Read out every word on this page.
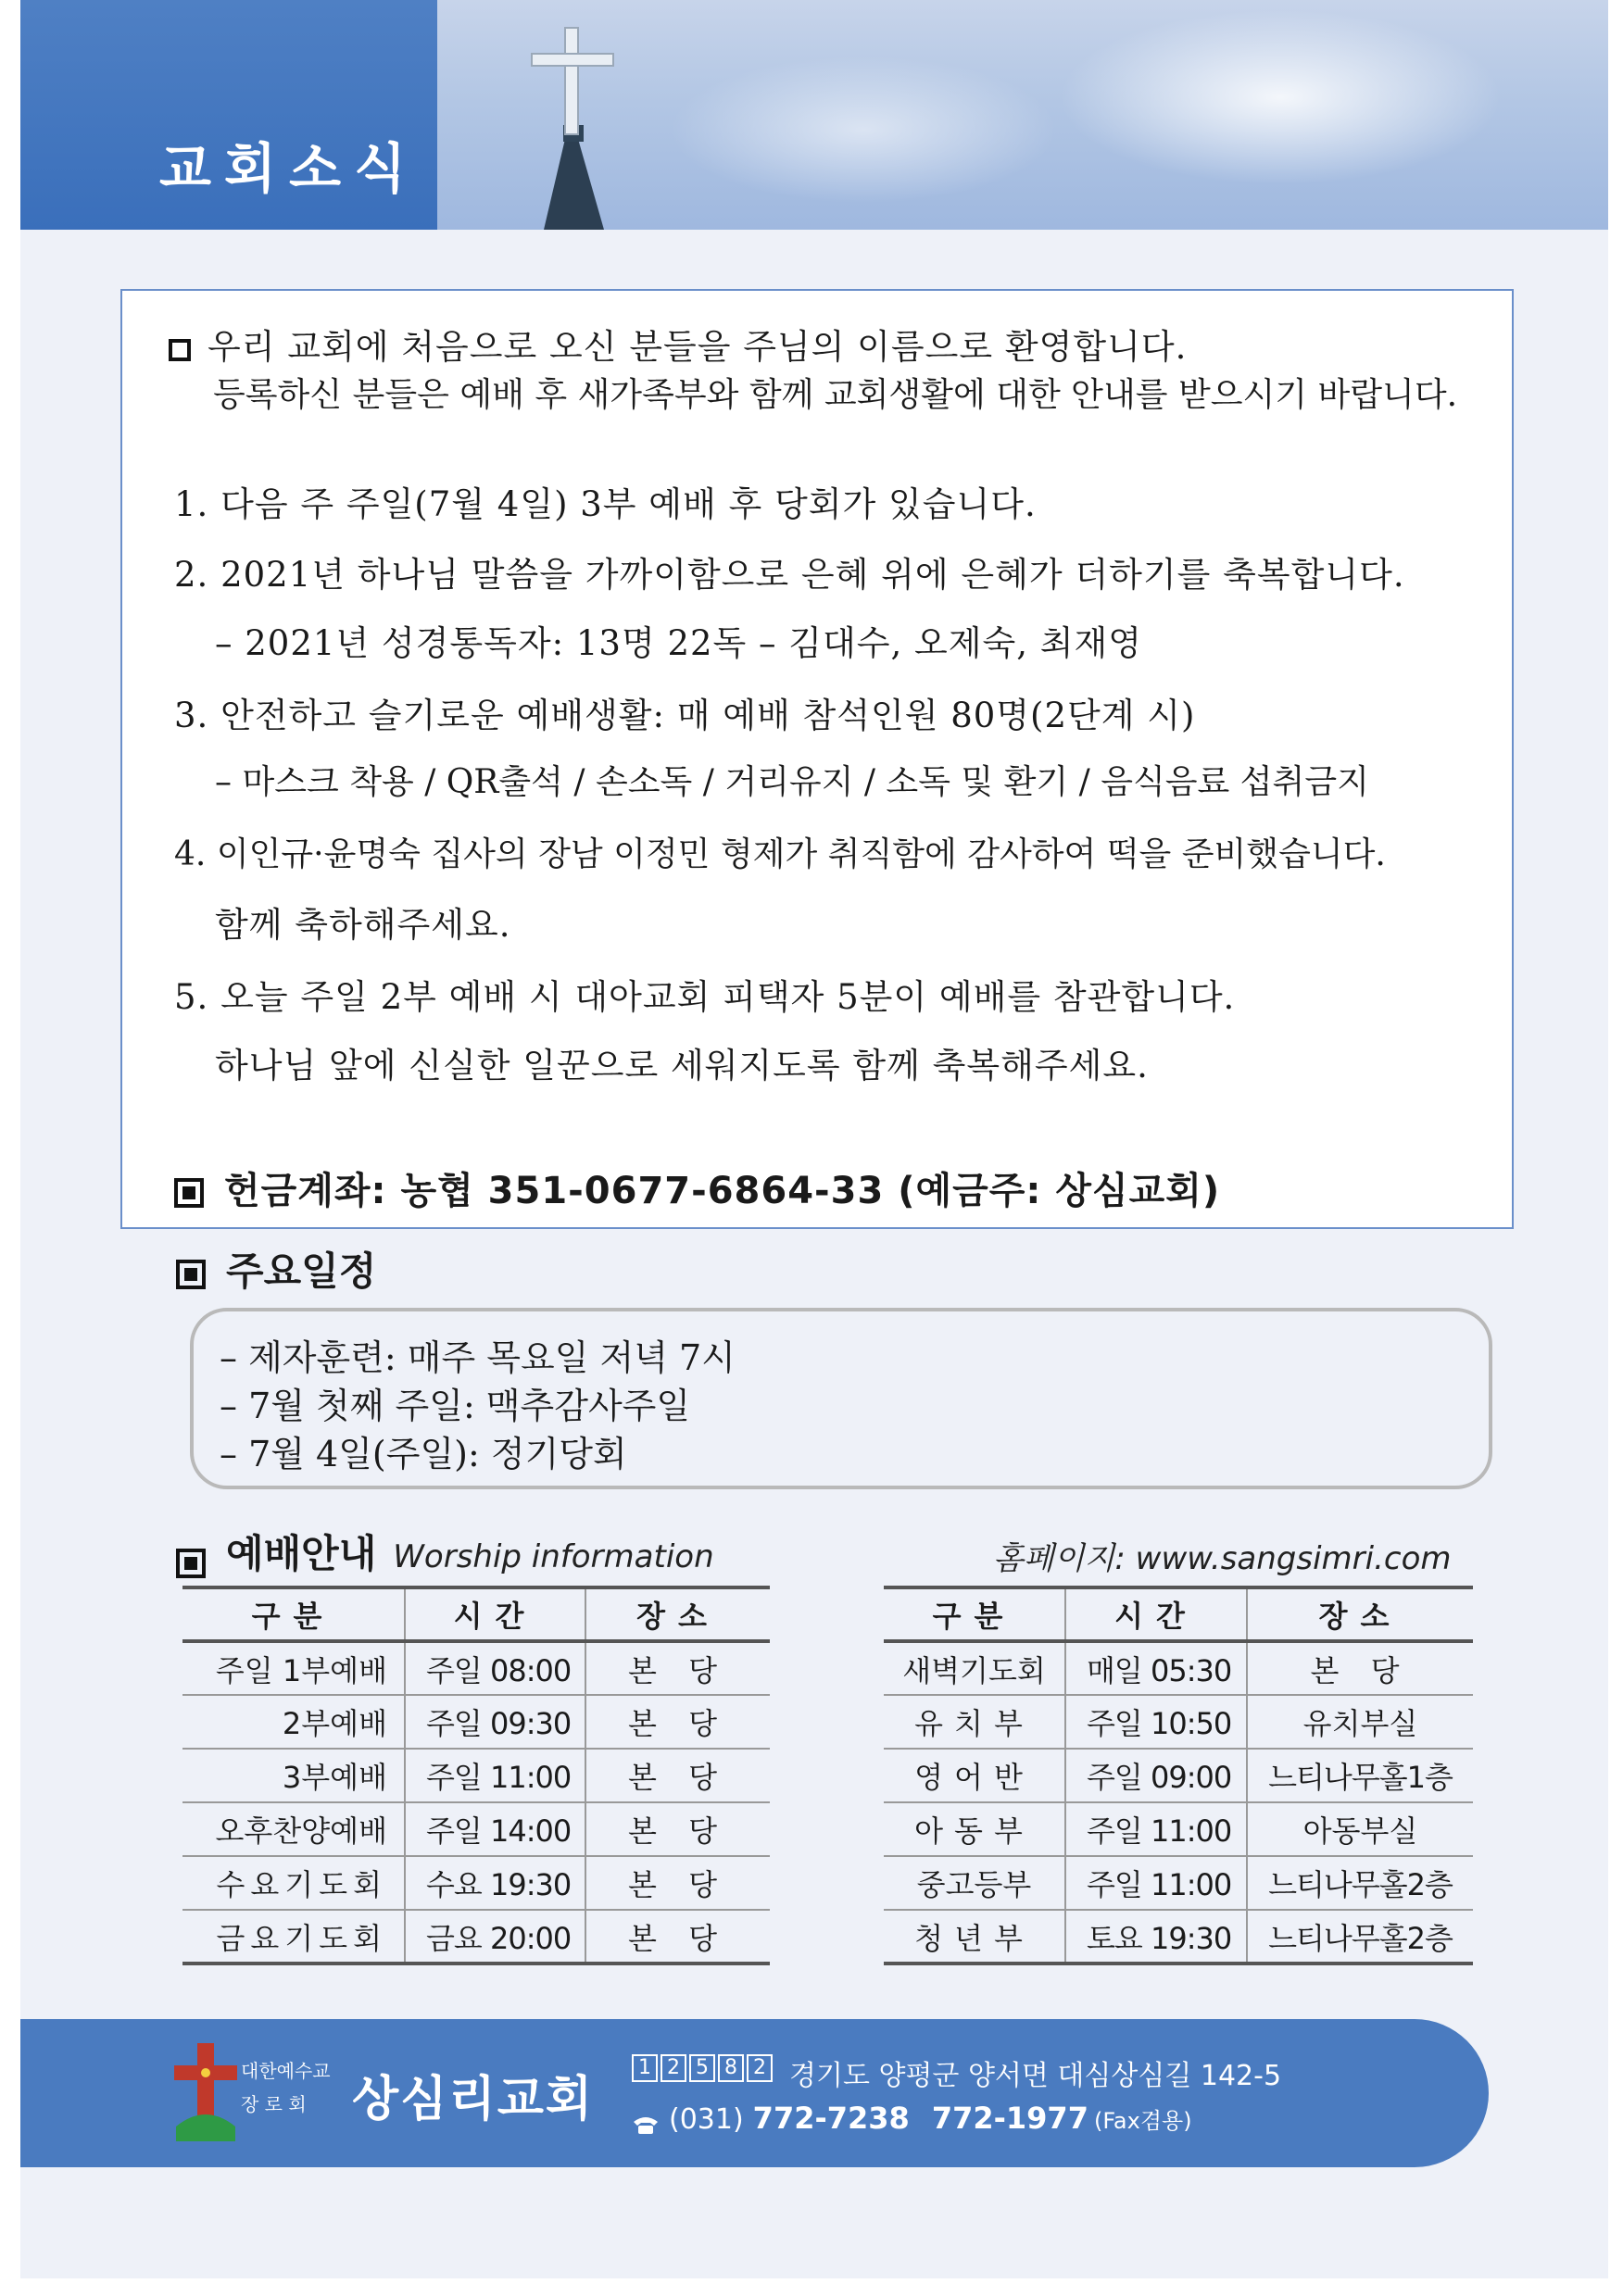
교회소식
우리 교회에 처음으로 오신 분들을 주님의 이름으로 환영합니다.
등록하신 분들은 예배 후 새가족부와 함께 교회생활에 대한 안내를 받으시기 바랍니다.
1. 다음 주 주일(7월 4일) 3부 예배 후 당회가 있습니다.
2. 2021년 하나님 말씀을 가까이함으로 은혜 위에 은혜가 더하기를 축복합니다.
– 2021년 성경통독자: 13명 22독 – 김대수, 오제숙, 최재영
3. 안전하고 슬기로운 예배생활: 매 예배 참석인원 80명(2단계 시)
– 마스크 착용 / QR출석 / 손소독 / 거리유지 / 소독 및 환기 / 음식음료 섭취금지
4. 이인규·윤명숙 집사의 장남 이정민 형제가 취직함에 감사하여 떡을 준비했습니다.
함께 축하해주세요.
5. 오늘 주일 2부 예배 시 대아교회 피택자 5분이 예배를 참관합니다.
하나님 앞에 신실한 일꾼으로 세워지도록 함께 축복해주세요.
헌금계좌: 농협 351-0677-6864-33 (예금주: 상심교회)
주요일정
– 제자훈련: 매주 목요일 저녁 7시
– 7월 첫째 주일: 맥추감사주일
– 7월 4일(주일): 정기당회
예배안내 Worship information	홈페이지: www.sangsimri.com
구분	시간	장소
주일 1부예배	주일 08:00	본 당
2부예배	주일 09:30	본 당
3부예배	주일 11:00	본 당
오후찬양예배	주일 14:00	본 당
수요기도회	수요 19:30	본 당
금요기도회	금요 20:00	본 당
구분	시간	장소
새벽기도회	매일 05:30	본 당
유치부	주일 10:50	유치부실
영어반	주일 09:00	느티나무홀1층
아동부	주일 11:00	아동부실
중고등부	주일 11:00	느티나무홀2층
청년부	토요 19:30	느티나무홀2층
대한예수교
장 로 회 상심리교회
1 2 5 8 2 경기도 양평군 양서면 대심상심길 142-5
(031) 772-7238 772-1977 (Fax겸용)
